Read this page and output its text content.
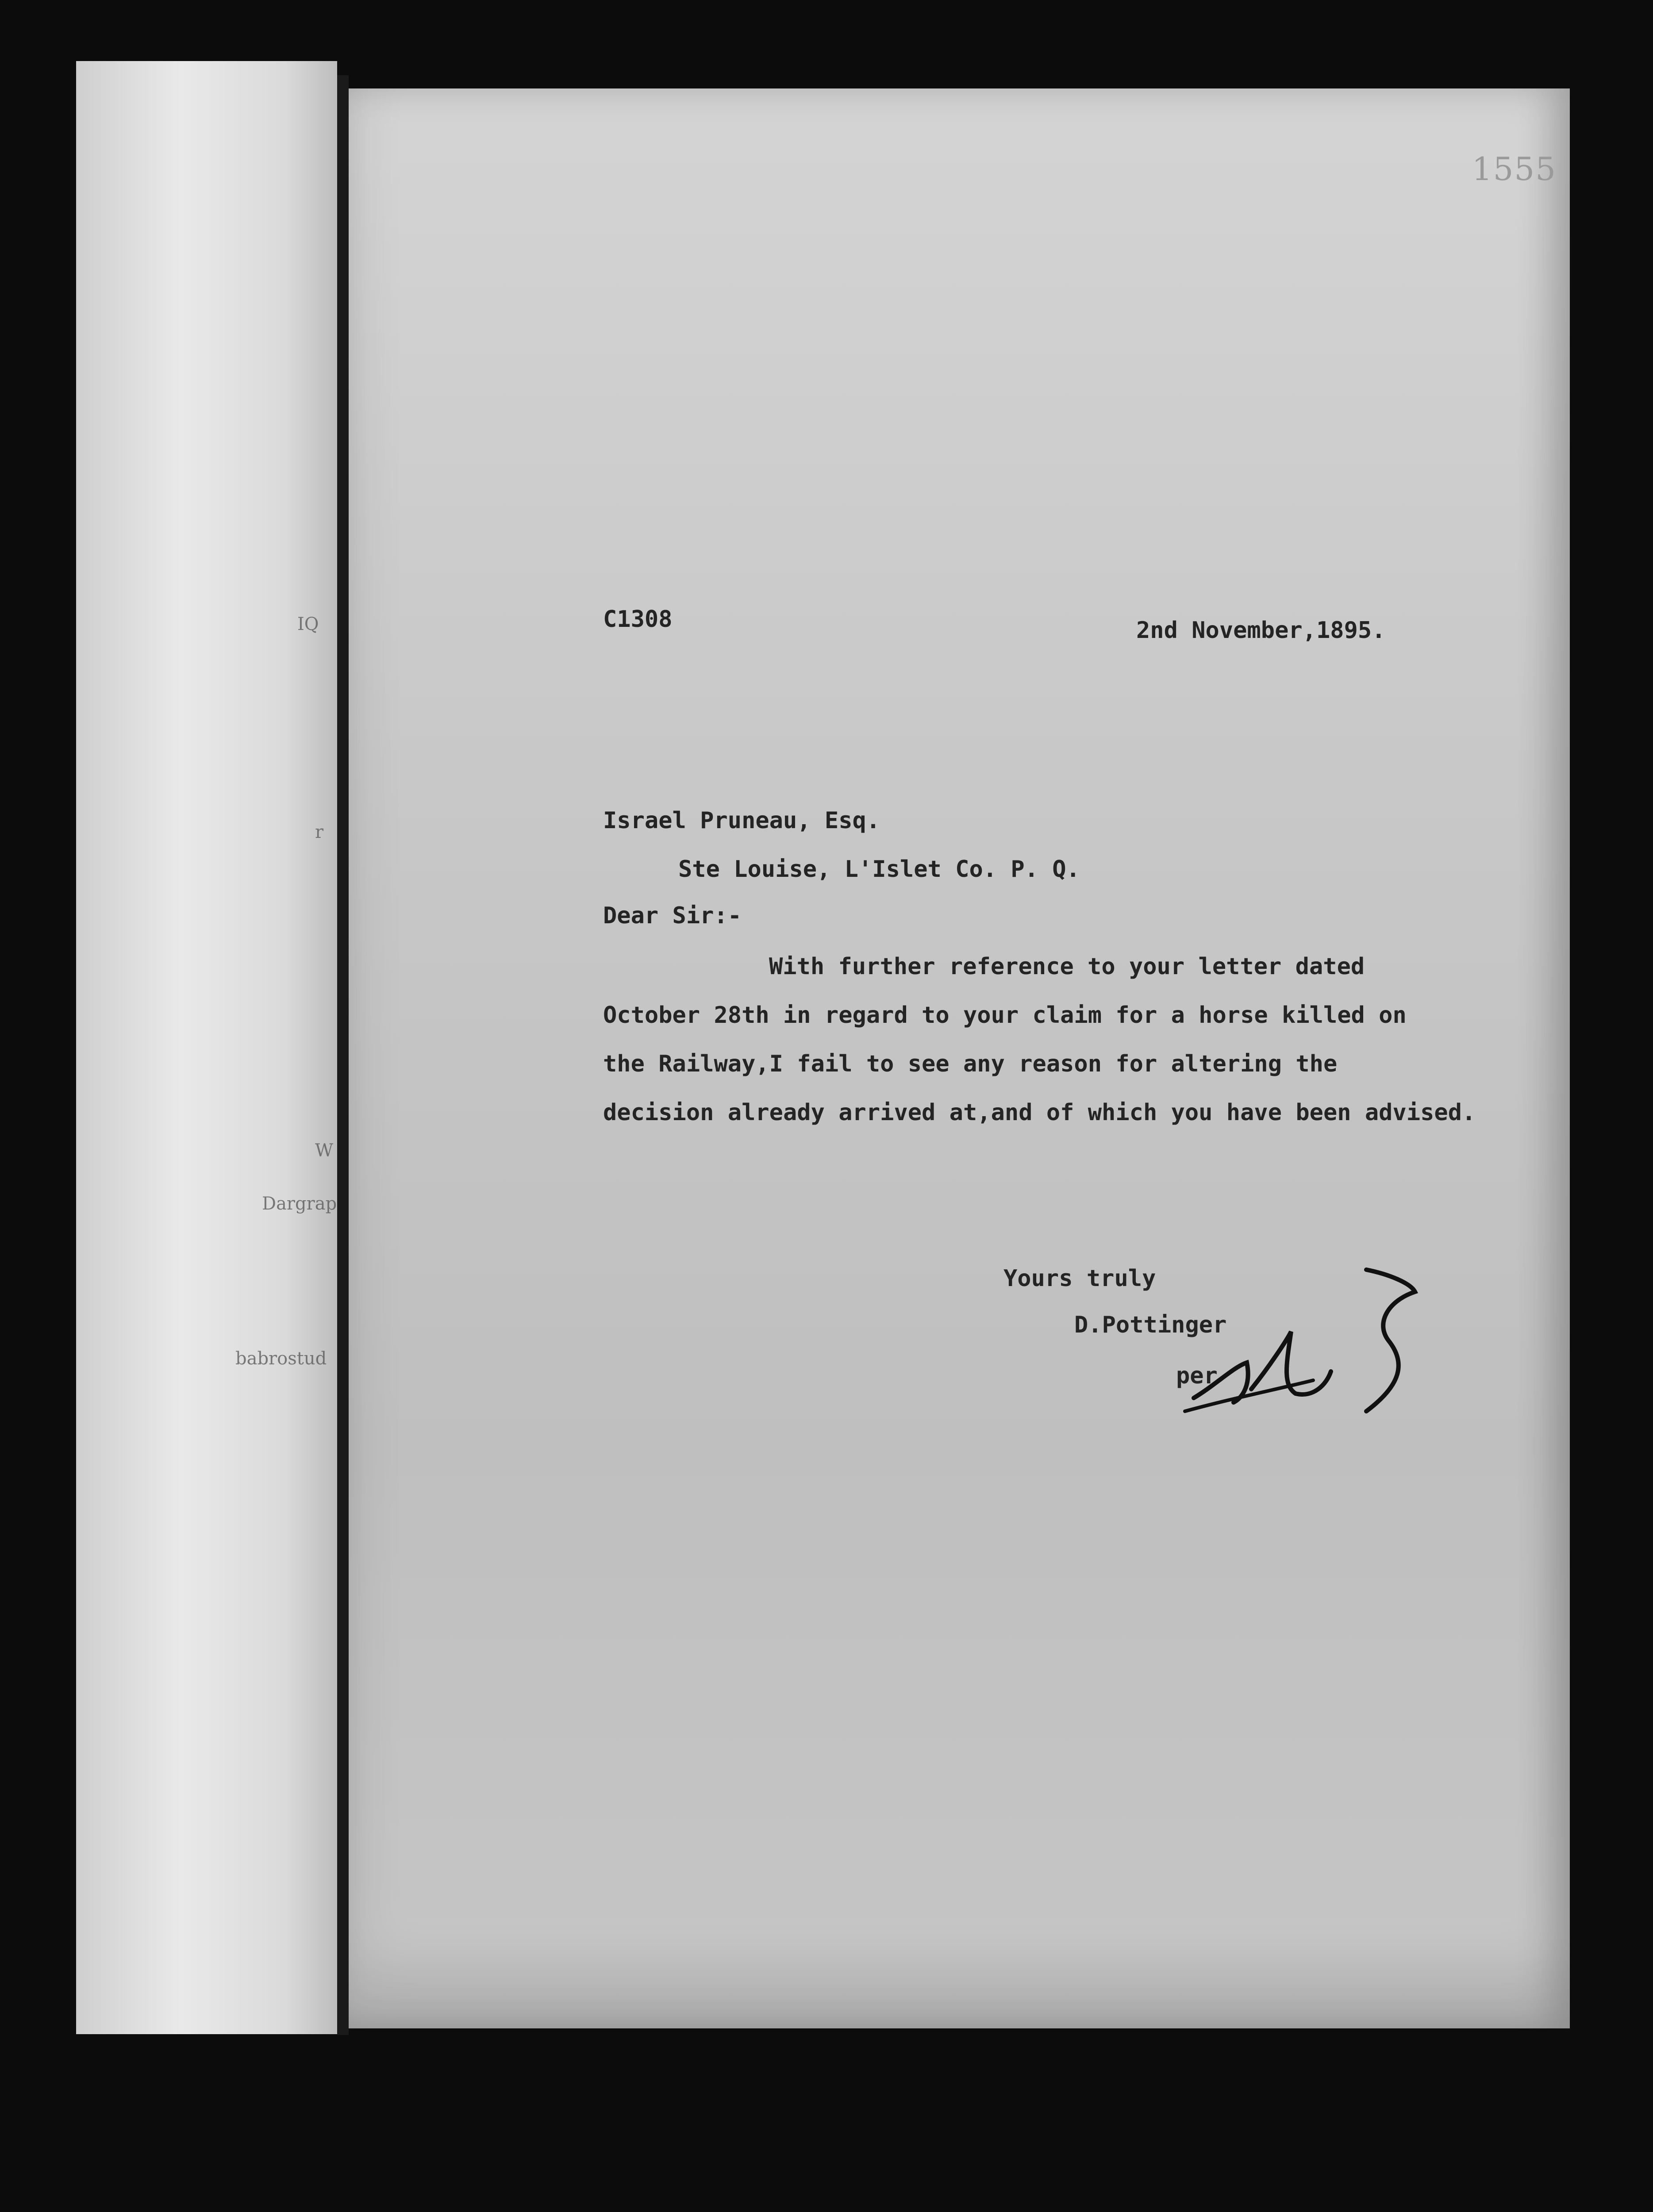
IQ
r
W
Dargrap
babrostud
1555
C1308	2nd November,1895.
Israel Pruneau, Esq.
Ste Louise, L'Islet Co. P. Q.
Dear Sir:-
With further reference to your letter dated
October 28th in regard to your claim for a horse killed on
the Railway,I fail to see any reason for altering the
decision already arrived at,and of which you have been advised.
Yours truly
D.Pottinger
per
